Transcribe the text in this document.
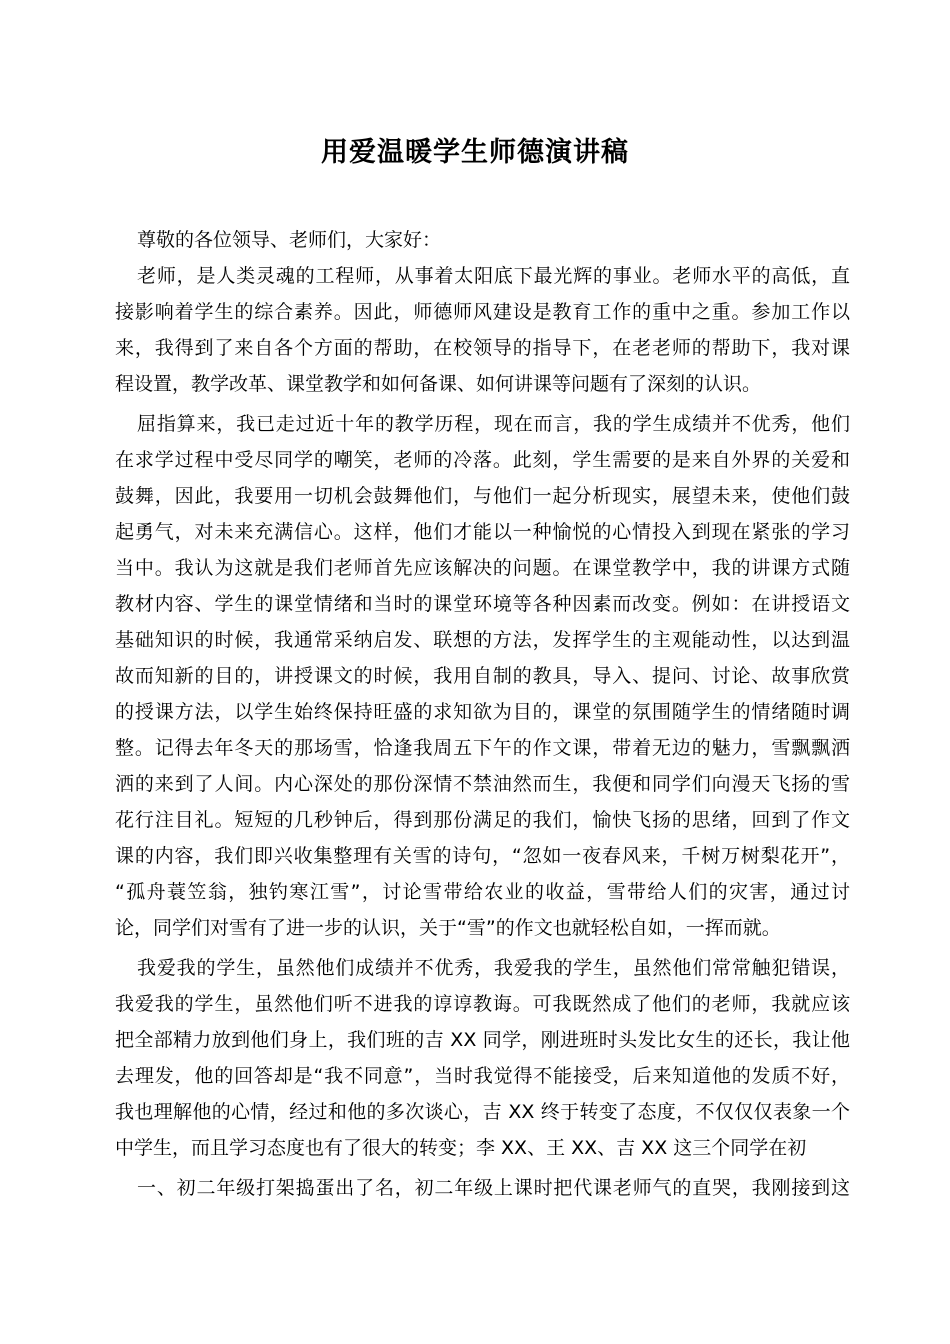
用爱温暖学生师德演讲稿
尊敬的各位领导、老师们，大家好：
老师，是人类灵魂的工程师，从事着太阳底下最光辉的事业。老师水平的高低，直
接影响着学生的综合素养。因此，师德师风建设是教育工作的重中之重。参加工作以
来，我得到了来自各个方面的帮助，在校领导的指导下，在老老师的帮助下，我对课
程设置，教学改革、课堂教学和如何备课、如何讲课等问题有了深刻的认识。
屈指算来，我已走过近十年的教学历程，现在而言，我的学生成绩并不优秀，他们
在求学过程中受尽同学的嘲笑，老师的冷落。此刻，学生需要的是来自外界的关爱和
鼓舞，因此，我要用一切机会鼓舞他们，与他们一起分析现实，展望未来，使他们鼓
起勇气，对未来充满信心。这样，他们才能以一种愉悦的心情投入到现在紧张的学习
当中。我认为这就是我们老师首先应该解决的问题。在课堂教学中，我的讲课方式随
教材内容、学生的课堂情绪和当时的课堂环境等各种因素而改变。例如：在讲授语文
基础知识的时候，我通常采纳启发、联想的方法，发挥学生的主观能动性，以达到温
故而知新的目的，讲授课文的时候，我用自制的教具，导入、提问、讨论、故事欣赏
的授课方法，以学生始终保持旺盛的求知欲为目的，课堂的氛围随学生的情绪随时调
整。记得去年冬天的那场雪，恰逢我周五下午的作文课，带着无边的魅力，雪飘飘洒
洒的来到了人间。内心深处的那份深情不禁油然而生，我便和同学们向漫天飞扬的雪
花行注目礼。短短的几秒钟后，得到那份满足的我们，愉快飞扬的思绪，回到了作文
课的内容，我们即兴收集整理有关雪的诗句，“忽如一夜春风来，千树万树梨花开”，
“孤舟蓑笠翁，独钓寒江雪”，讨论雪带给农业的收益，雪带给人们的灾害，通过讨
论，同学们对雪有了进一步的认识，关于“雪”的作文也就轻松自如，一挥而就。
我爱我的学生，虽然他们成绩并不优秀，我爱我的学生，虽然他们常常触犯错误，
我爱我的学生，虽然他们听不进我的谆谆教诲。可我既然成了他们的老师，我就应该
把全部精力放到他们身上，我们班的吉 XX 同学，刚进班时头发比女生的还长，我让他
去理发，他的回答却是“我不同意”，当时我觉得不能接受，后来知道他的发质不好，
我也理解他的心情，经过和他的多次谈心，吉 XX 终于转变了态度，不仅仅仅表象一个
中学生，而且学习态度也有了很大的转变；李 XX、王 XX、吉 XX 这三个同学在初
一、初二年级打架捣蛋出了名，初二年级上课时把代课老师气的直哭，我刚接到这
